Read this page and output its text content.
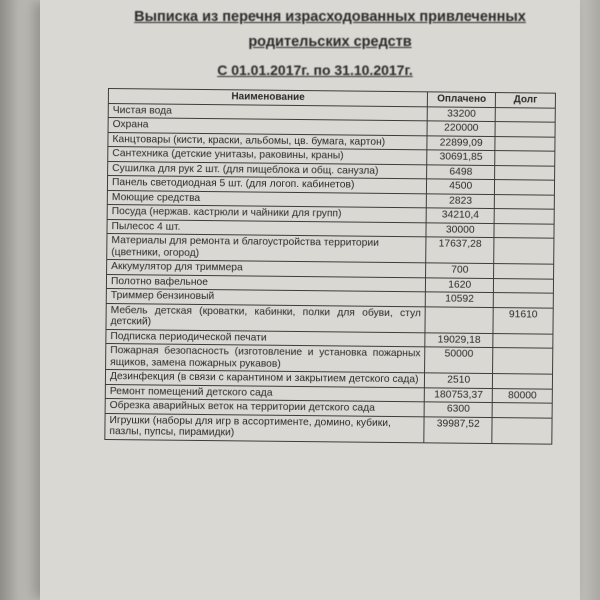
Выписка из перечня израсходованных привлеченных
родительских средств
С 01.01.2017г. по 31.10.2017г.
Наименование	Оплачено	Долг
Чистая вода	33200	
Охрана	220000	
Канцтовары (кисти, краски, альбомы, цв. бумага, картон)	22899,09	
Сантехника (детские унитазы, раковины, краны)	30691,85	
Сушилка для рук 2 шт. (для пищеблока и общ. санузла)	6498	
Панель светодиодная 5 шт. (для логоп. кабинетов)	4500	
Моющие средства	2823	
Посуда (нержав. кастрюли и чайники для групп)	34210,4	
Пылесос 4 шт.	30000	
Материалы для ремонта и благоустройства территории (цветники, огород)	17637,28	
Аккумулятор для триммера	700	
Полотно вафельное	1620	
Триммер бензиновый	10592	
Мебель детская (кроватки, кабинки, полки для обуви, стул детский)		91610
Подписка периодической печати	19029,18	
Пожарная безопасность (изготовление и установка пожарных ящиков, замена пожарных рукавов)	50000	
Дезинфекция (в связи с карантином и закрытием детского сада)	2510	
Ремонт помещений детского сада	180753,37	80000
Обрезка аварийных веток на территории детского сада	6300	
Игрушки (наборы для игр в ассортименте, домино, кубики, пазлы, пупсы, пирамидки)	39987,52	
